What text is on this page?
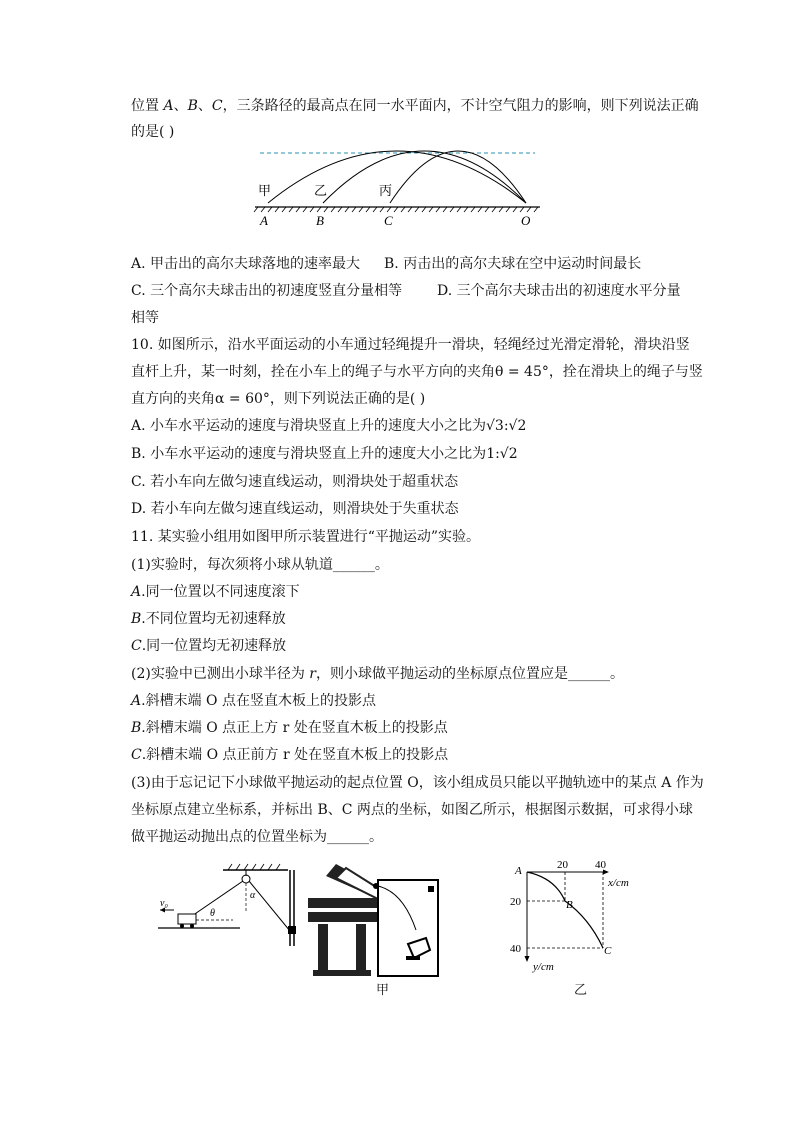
位置 A、B、C，三条路径的最高点在同一水平面内，不计空气阻力的影响，则下列说法正确
的是( )
甲	乙	丙
A	B	C	O
A. 甲击出的高尔夫球落地的速率最大 B. 丙击出的高尔夫球在空中运动时间最长
C. 三个高尔夫球击出的初速度竖直分量相等 D. 三个高尔夫球击出的初速度水平分量
相等
10. 如图所示，沿水平面运动的小车通过轻绳提升一滑块，轻绳经过光滑定滑轮，滑块沿竖
直杆上升，某一时刻，拴在小车上的绳子与水平方向的夹角θ = 45°，拴在滑块上的绳子与竖
直方向的夹角α = 60°，则下列说法正确的是( )
A. 小车水平运动的速度与滑块竖直上升的速度大小之比为√3:√2
B. 小车水平运动的速度与滑块竖直上升的速度大小之比为1:√2
C. 若小车向左做匀速直线运动，则滑块处于超重状态
D. 若小车向左做匀速直线运动，则滑块处于失重状态
11. 某实验小组用如图甲所示装置进行“平抛运动”实验。
(1)实验时，每次须将小球从轨道______。
A.同一位置以不同速度滚下
B.不同位置均无初速释放
C.同一位置均无初速释放
(2)实验中已测出小球半径为 r，则小球做平抛运动的坐标原点位置应是______。
A.斜槽末端 O 点在竖直木板上的投影点
B.斜槽末端 O 点正上方 r 处在竖直木板上的投影点
C.斜槽末端 O 点正前方 r 处在竖直木板上的投影点
(3)由于忘记记下小球做平抛运动的起点位置 O，该小组成员只能以平抛轨迹中的某点 A 作为
坐标原点建立坐标系，并标出 B、C 两点的坐标，如图乙所示，根据图示数据，可求得小球
做平抛运动抛出点的位置坐标为______。
v₀
θ
α
甲
20 40
x/cm
20
40
y/cm
A
B
C
乙
